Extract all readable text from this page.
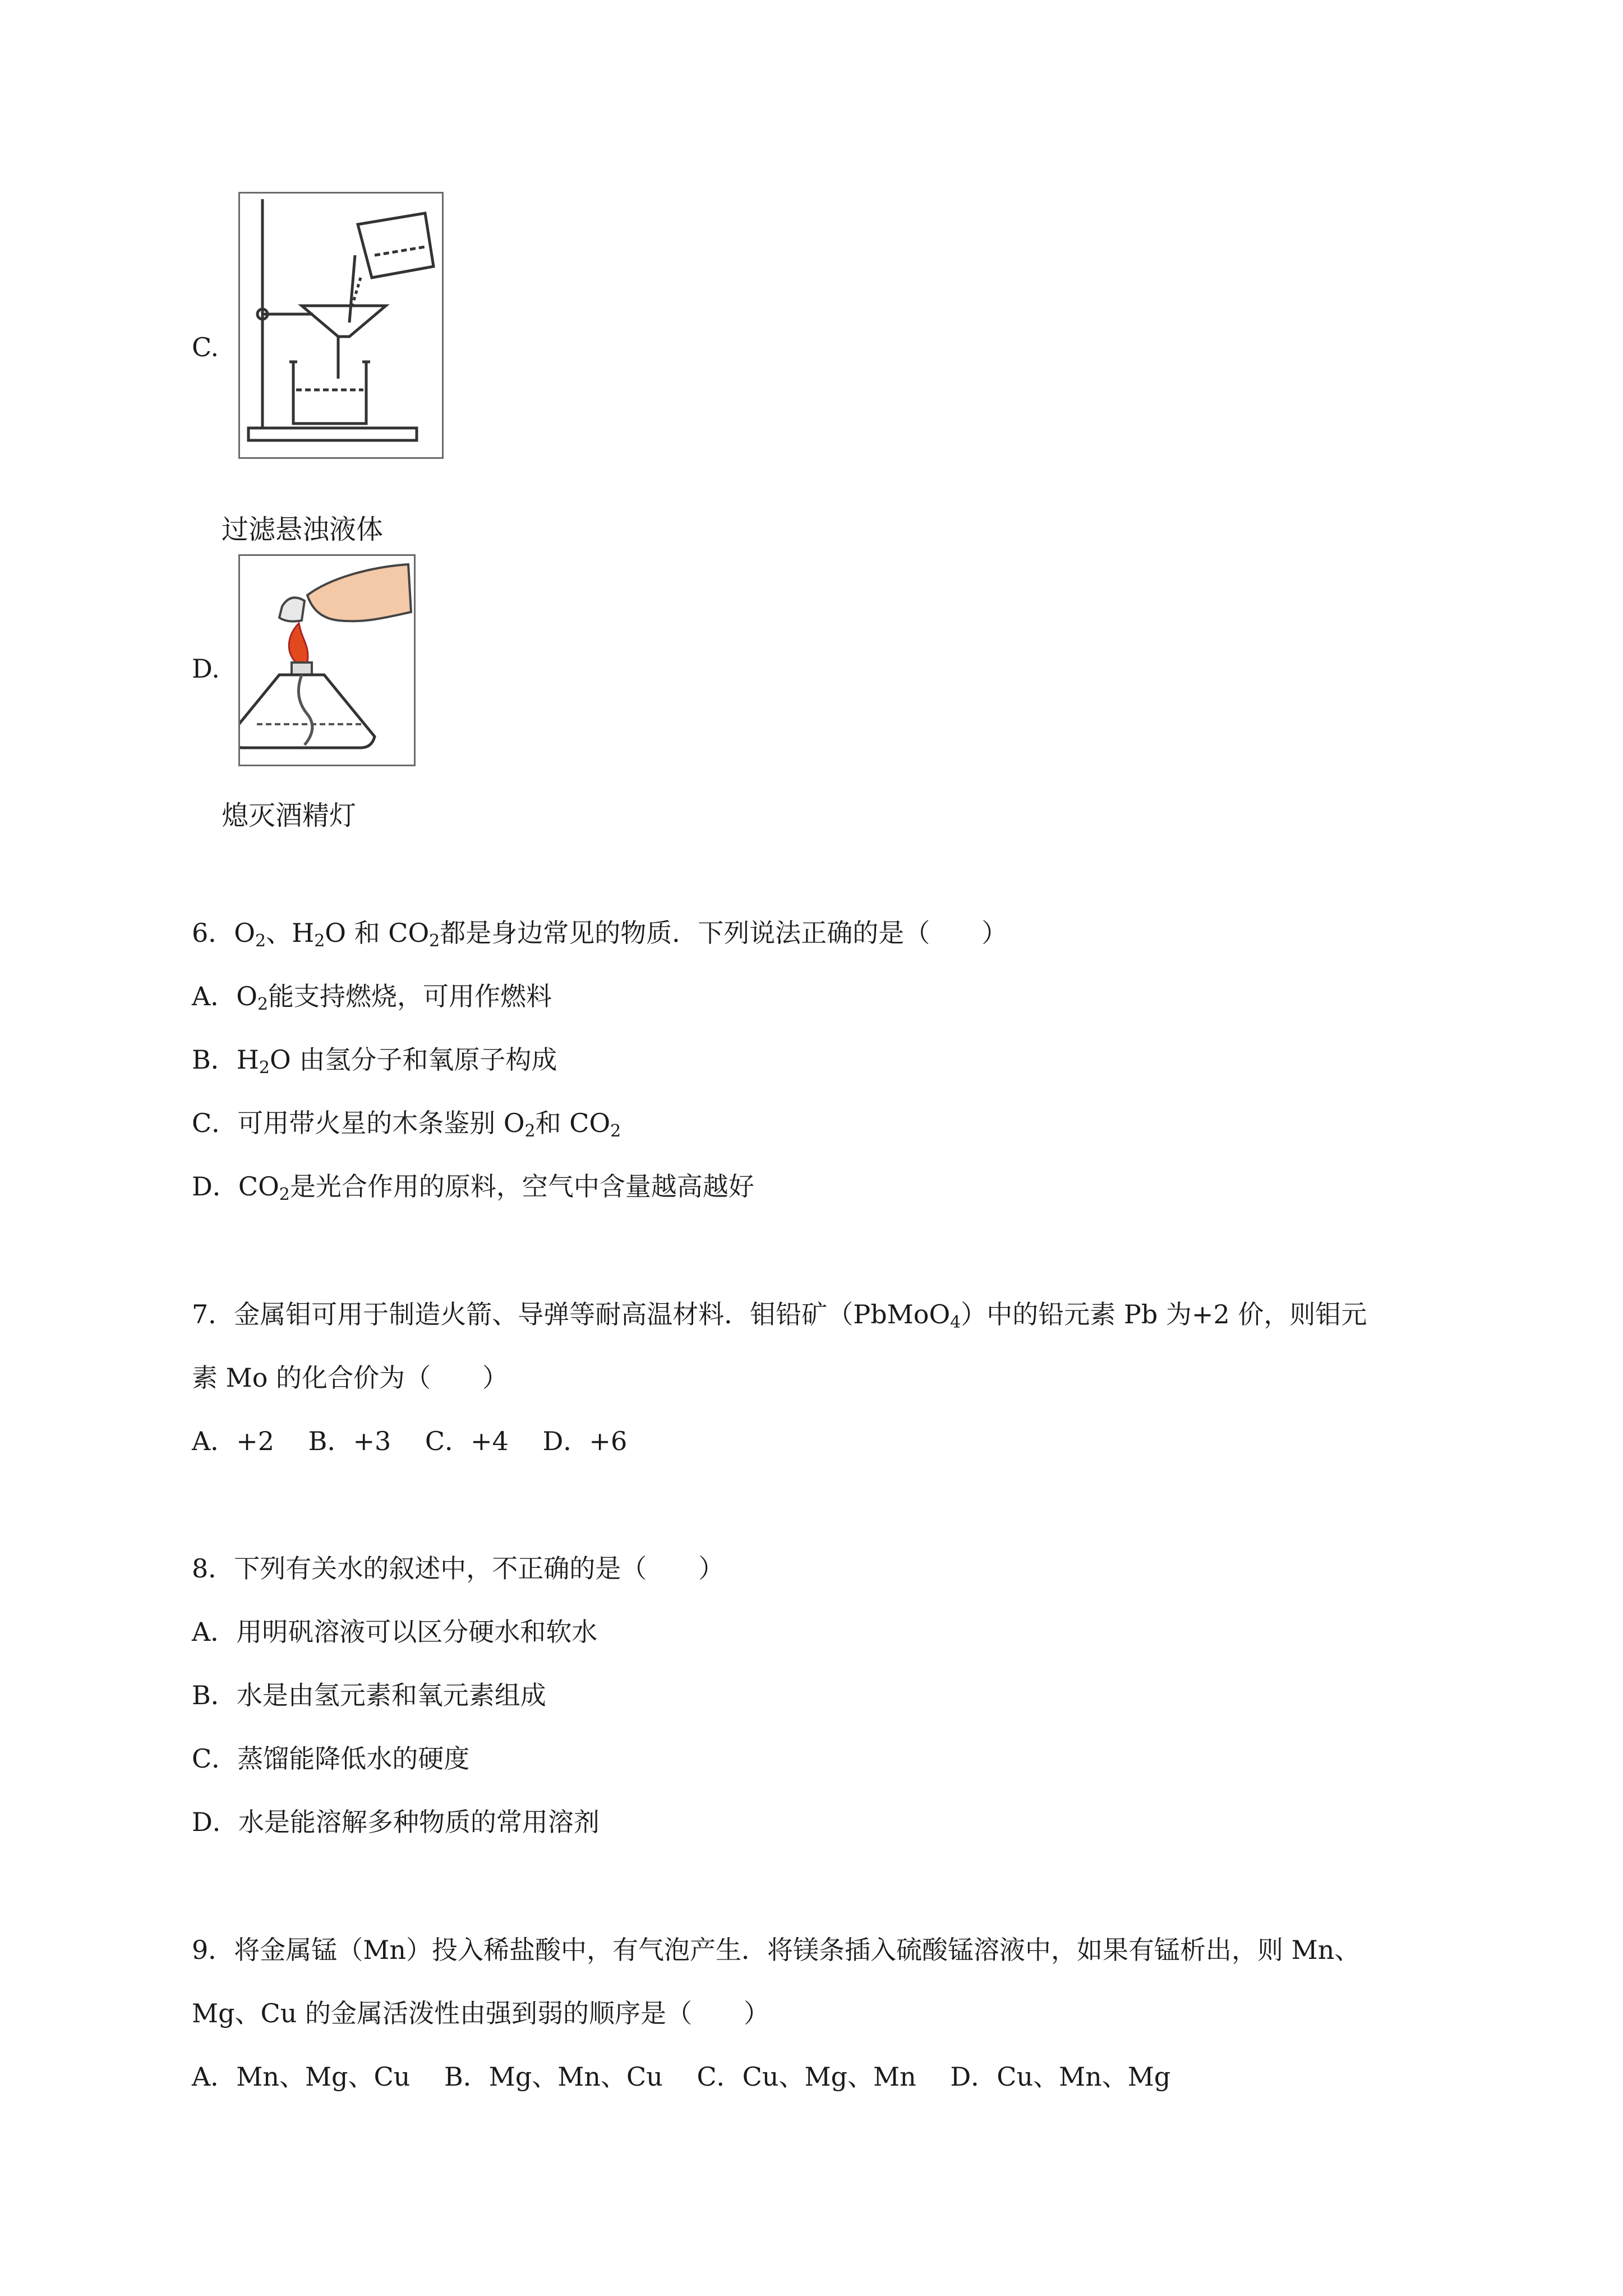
C.
过滤悬浊液体
D.
熄灭酒精灯
6．$O_2$、$H_2O$ 和 $CO_2$都是身边常见的物质．下列说法正确的是（　　）
A．$O_2$能支持燃烧，可用作燃料
B．$H_2O$ 由氢分子和氧原子构成
C．可用带火星的木条鉴别 $O_2$和 $CO_2$
D．$CO_2$是光合作用的原料，空气中含量越高越好
7．金属钼可用于制造火箭、导弹等耐高温材料．钼铅矿（PbMoO$_4$）中的铅元素 Pb 为+2 价，则钼元
素 Mo 的化合价为（　　）
A．+2　 B．+3　 C．+4　 D．+6
8．下列有关水的叙述中，不正确的是（　　）
A．用明矾溶液可以区分硬水和软水
B．水是由氢元素和氧元素组成
C．蒸馏能降低水的硬度
D．水是能溶解多种物质的常用溶剂
9．将金属锰（Mn）投入稀盐酸中，有气泡产生．将镁条插入硫酸锰溶液中，如果有锰析出，则 Mn、
Mg、Cu 的金属活泼性由强到弱的顺序是（　　）
A．Mn、Mg、Cu　 B．Mg、Mn、Cu　 C．Cu、Mg、Mn　 D．Cu、Mn、Mg
